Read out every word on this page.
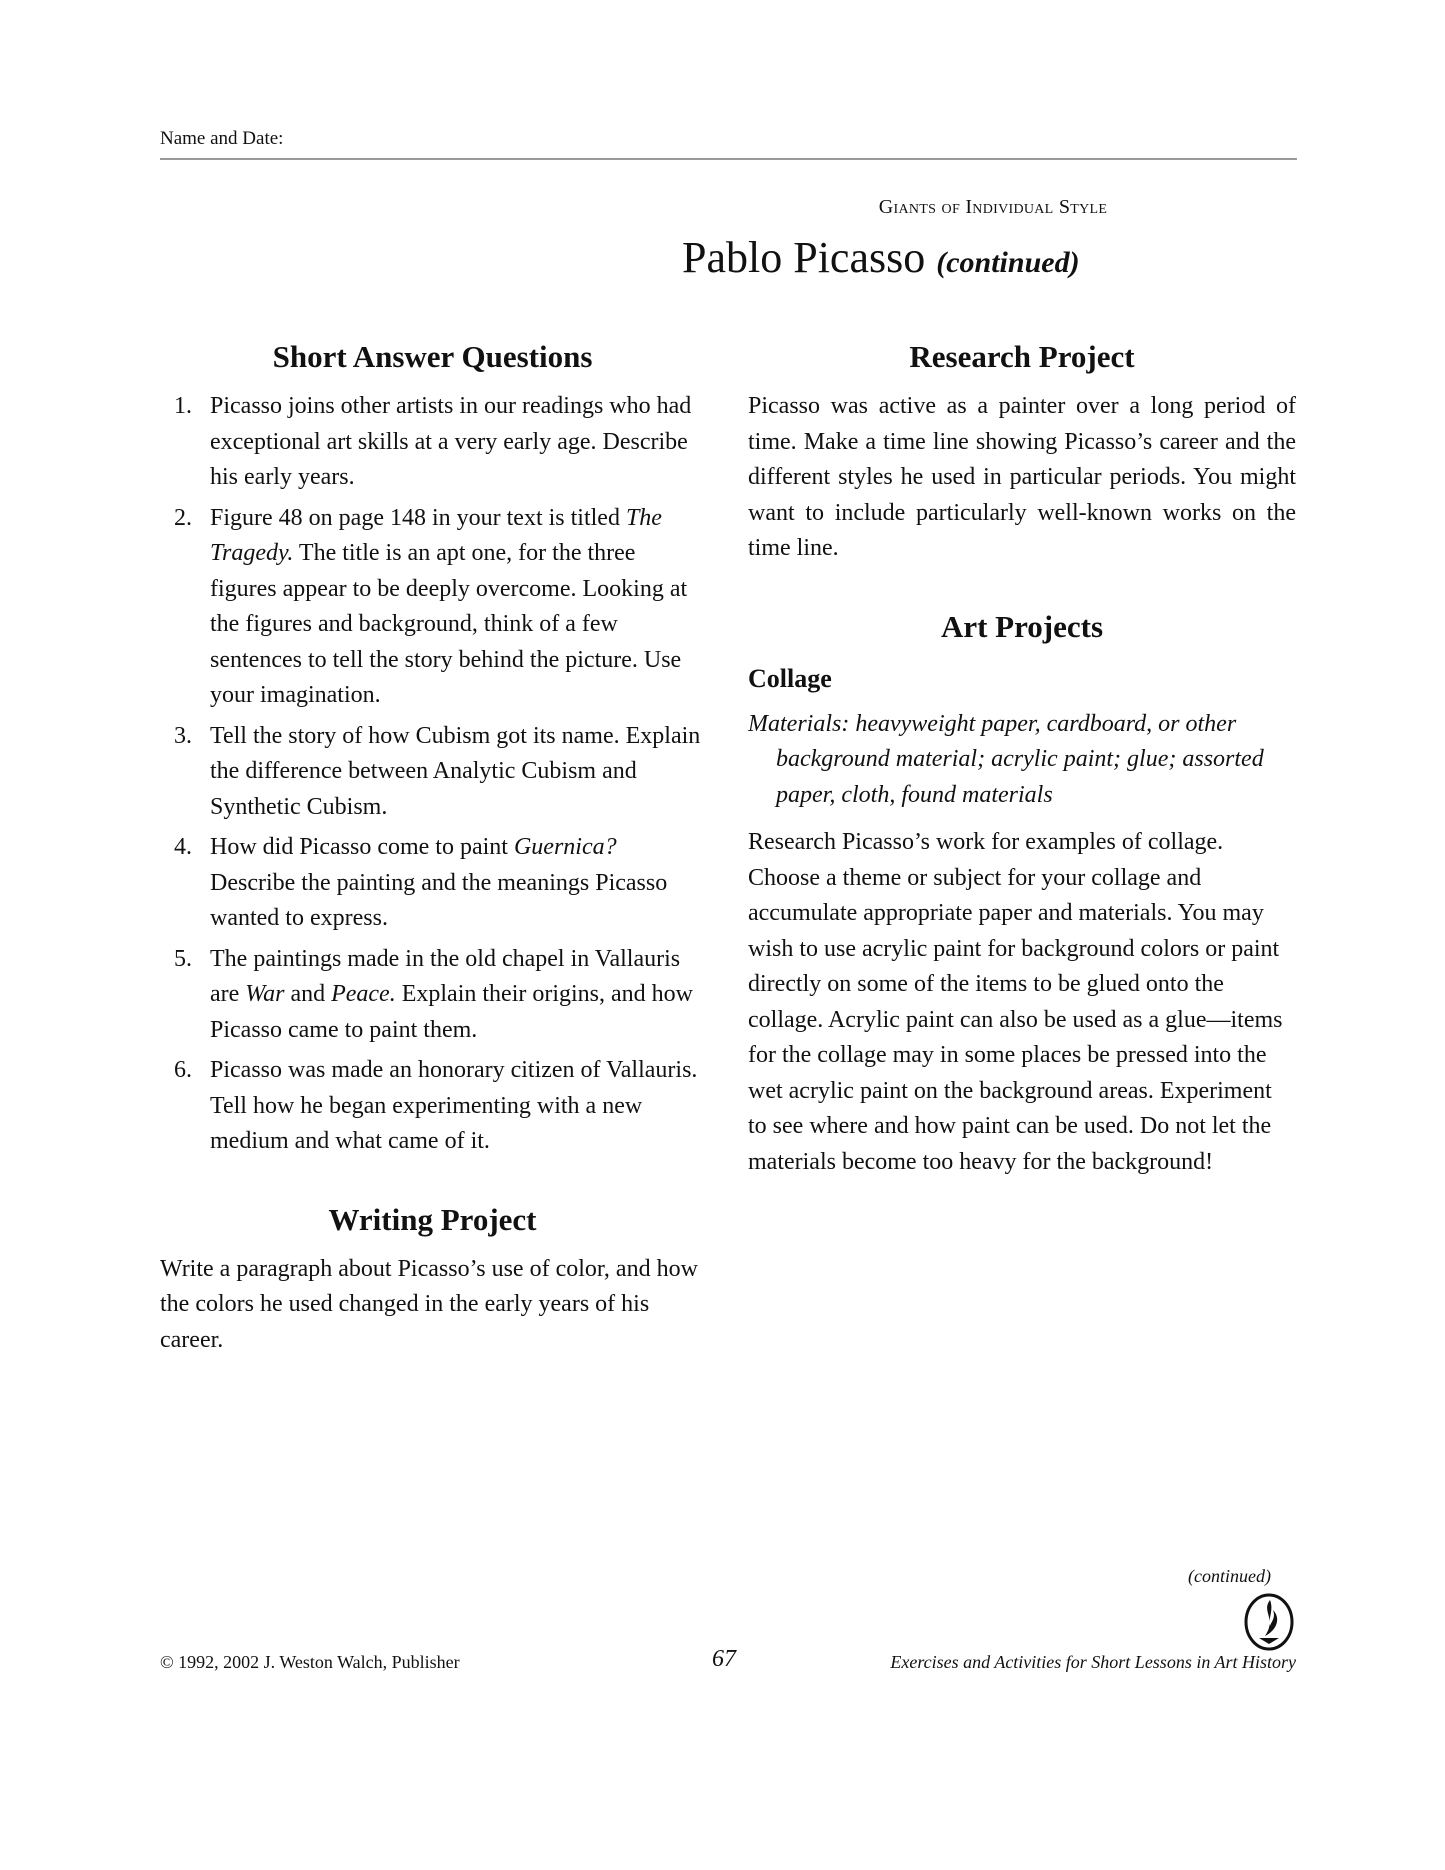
Name and Date:
Giants of Individual Style
Pablo Picasso (continued)
Short Answer Questions
1. Picasso joins other artists in our readings who had exceptional art skills at a very early age. Describe his early years.
2. Figure 48 on page 148 in your text is titled The Tragedy. The title is an apt one, for the three figures appear to be deeply overcome. Looking at the figures and background, think of a few sentences to tell the story behind the picture. Use your imagination.
3. Tell the story of how Cubism got its name. Explain the difference between Analytic Cubism and Synthetic Cubism.
4. How did Picasso come to paint Guernica? Describe the painting and the meanings Picasso wanted to express.
5. The paintings made in the old chapel in Vallauris are War and Peace. Explain their origins, and how Picasso came to paint them.
6. Picasso was made an honorary citizen of Vallauris. Tell how he began experimenting with a new medium and what came of it.
Writing Project

Write a paragraph about Picasso’s use of color, and how the colors he used changed in the early years of his career.

Research Project

Picasso was active as a painter over a long period of time. Make a time line showing Picasso’s career and the different styles he used in particular periods. You might want to include particularly well-known works on the time line.

Art Projects
Collage

Materials: heavyweight paper, cardboard, or other background material; acrylic paint; glue; assorted paper, cloth, found materials

Research Picasso’s work for examples of collage. Choose a theme or subject for your collage and accumulate appropriate paper and materials. You may wish to use acrylic paint for background colors or paint directly on some of the items to be glued onto the collage. Acrylic paint can also be used as a glue—items for the collage may in some places be pressed into the wet acrylic paint on the background areas. Experiment to see where and how paint can be used. Do not let the materials become too heavy for the background!

(continued)
© 1992, 2002 J. Weston Walch, Publisher	67	Exercises and Activities for Short Lessons in Art History
